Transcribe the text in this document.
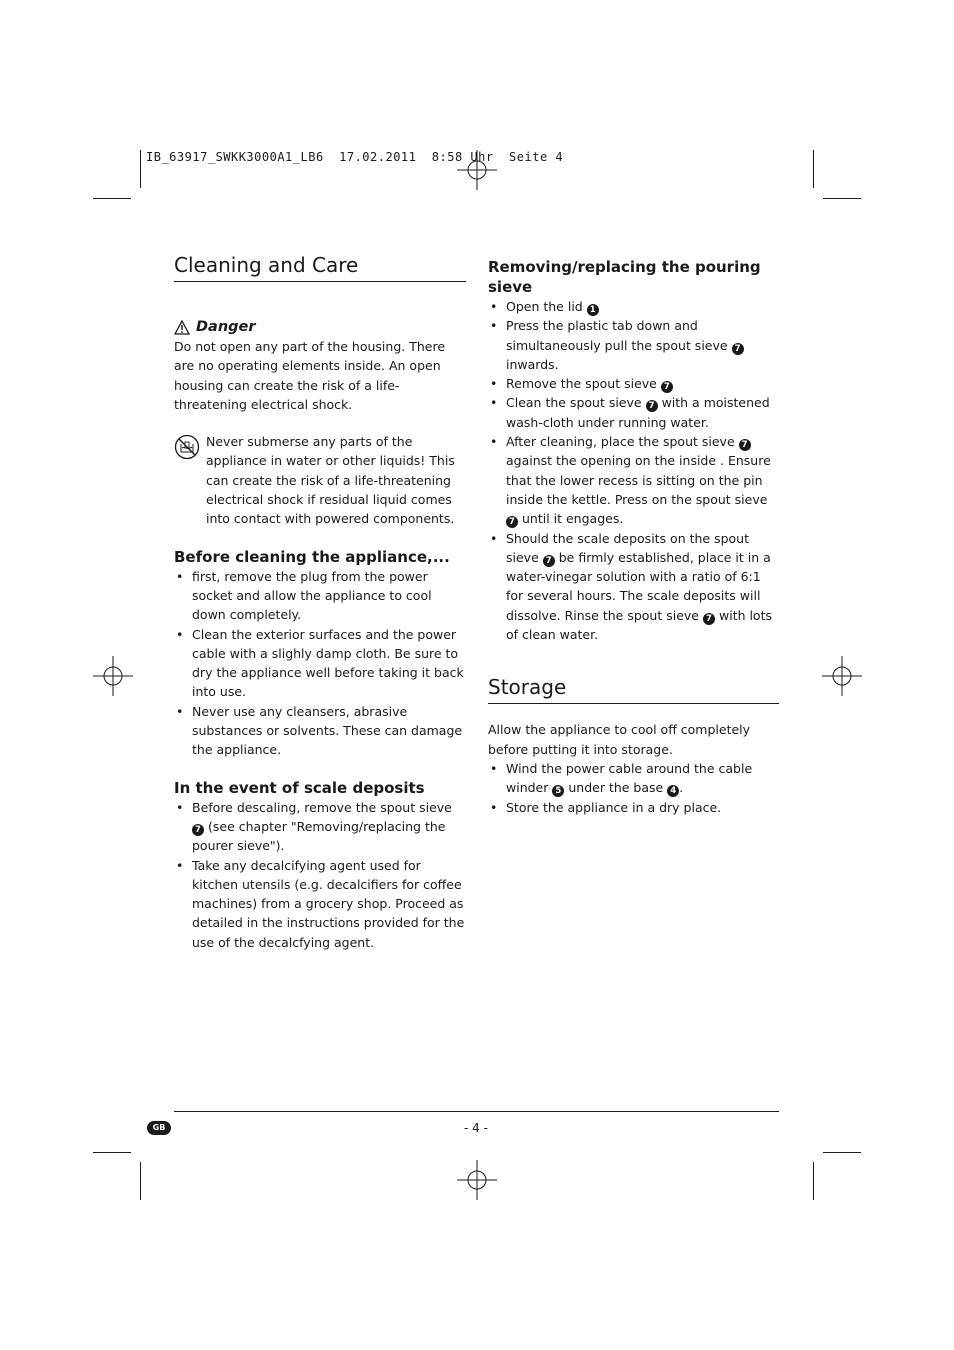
IB_63917_SWKK3000A1_LB6  17.02.2011  8:58 Uhr  Seite 4
Cleaning and Care
Danger

Do not open any part of the housing. There are no operating elements inside. An open housing can create the risk of a life-threatening electrical shock.

Never submerse any parts of the appliance in water or other liquids! This can create the risk of a life-threatening electrical shock if residual liquid comes into contact with powered components.

Before cleaning the appliance,...
• first, remove the plug from the power socket and allow the appliance to cool down completely.
• Clean the exterior surfaces and the power cable with a slighly damp cloth. Be sure to dry the appliance well before taking it back into use.
• Never use any cleansers, abrasive substances or solvents. These can damage the appliance.
In the event of scale deposits
• Before descaling, remove the spout sieve 7 (see chapter "Removing/replacing the pourer sieve").
• Take any decalcifying agent used for kitchen utensils (e.g. decalcifiers for coffee machines) from a grocery shop. Proceed as detailed in the instructions provided for the use of the decalcfying agent.
Removing/replacing the pouring sieve
• Open the lid 1
• Press the plastic tab down and simultaneously pull the spout sieve 7 inwards.
• Remove the spout sieve 7
• Clean the spout sieve 7 with a moistened wash-cloth under running water.
• After cleaning, place the spout sieve 7 against the opening on the inside . Ensure that the lower recess is sitting on the pin inside the kettle. Press on the spout sieve 7 until it engages.
• Should the scale deposits on the spout sieve 7 be firmly established, place it in a water-vinegar solution with a ratio of 6:1 for several hours. The scale deposits will dissolve. Rinse the spout sieve 7 with lots of clean water.
Storage

Allow the appliance to cool off completely before putting it into storage.

• Wind the power cable around the cable winder 5 under the base 4 .
• Store the appliance in a dry place.
GB	- 4 -
